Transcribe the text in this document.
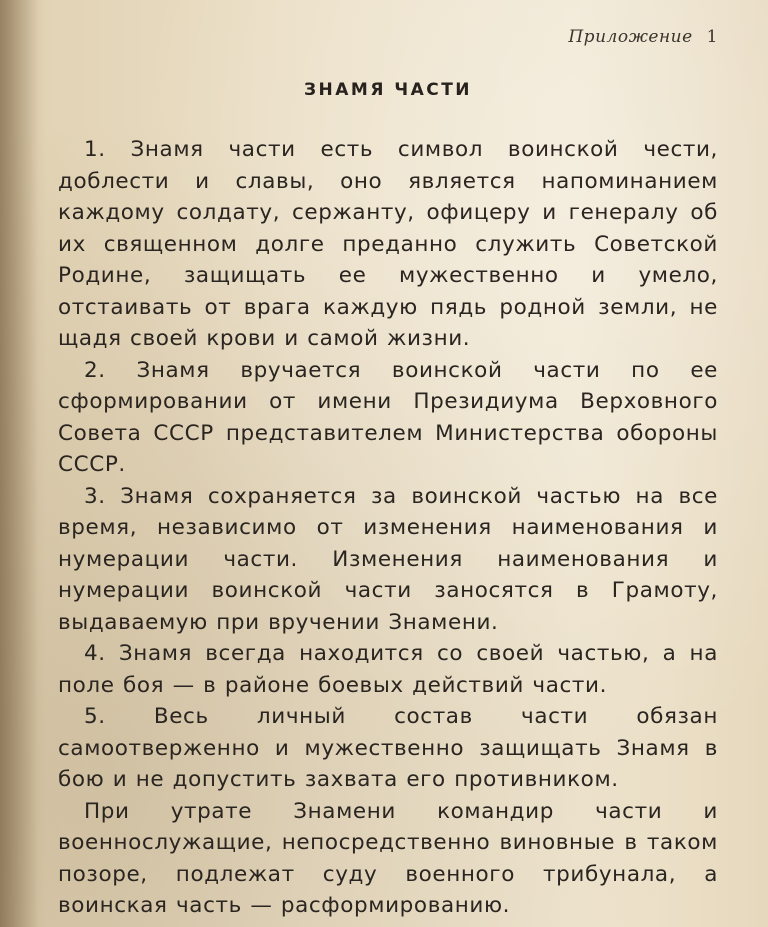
Приложение 1
ЗНАМЯ ЧАСТИ

1. Знамя части есть символ воинской чести, доблести и славы, оно является напоминанием каждому солдату, сержанту, офицеру и генералу об их священном долге преданно служить Советской Родине, защищать ее мужественно и умело, отстаивать от врага каждую пядь родной земли, не щадя своей крови и самой жизни.

2. Знамя вручается воинской части по ее сформировании от имени Президиума Верховного Совета СССР представителем Министерства обороны СССР.

3. Знамя сохраняется за воинской частью на все время, независимо от изменения наименования и нумерации части. Изменения наименования и нумерации воинской части заносятся в Грамоту, выдаваемую при вручении Знамени.

4. Знамя всегда находится со своей частью, а на поле боя — в районе боевых действий части.

5. Весь личный состав части обязан самоотверженно и мужественно защищать Знамя в бою и не допустить захвата его противником.

При утрате Знамени командир части и военнослужащие, непосредственно виновные в таком позоре, подлежат суду военного трибунала, а воинская часть — расформированию.
